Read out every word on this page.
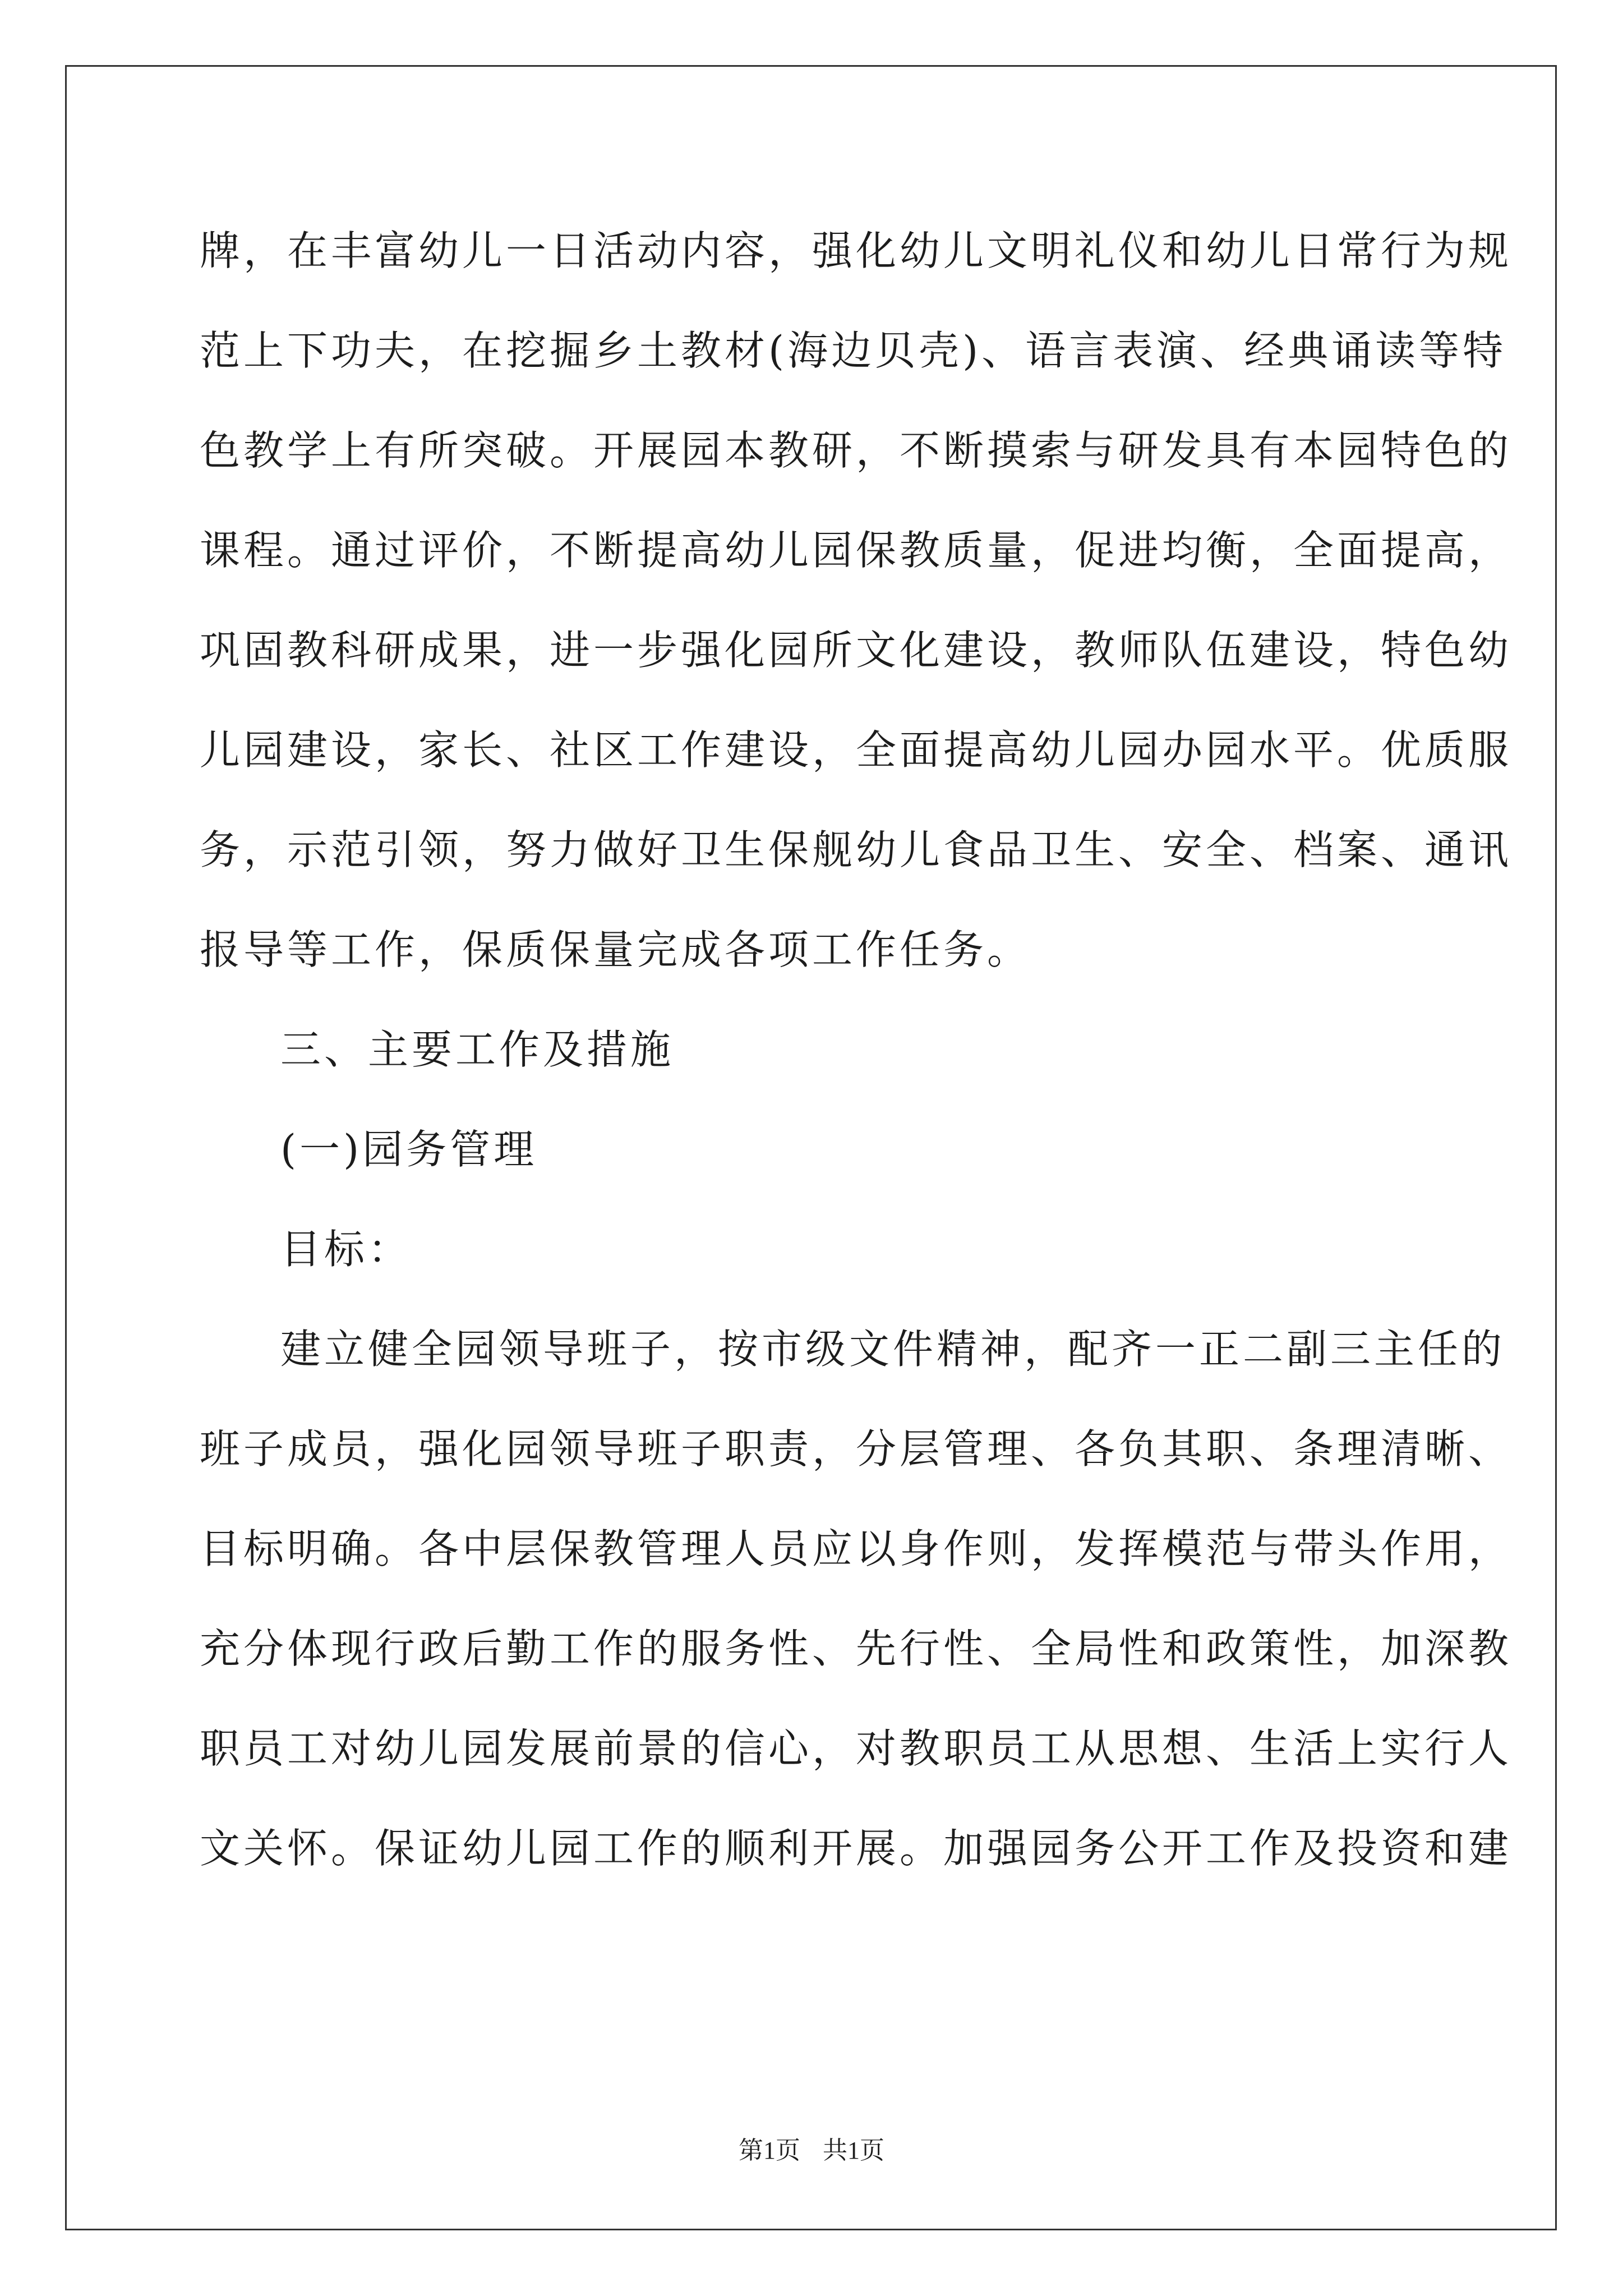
牌，在丰富幼儿一日活动内容，强化幼儿文明礼仪和幼儿日常行为规
范上下功夫，在挖掘乡土教材(海边贝壳)、语言表演、经典诵读等特
色教学上有所突破。开展园本教研，不断摸索与研发具有本园特色的
课程。通过评价，不断提高幼儿园保教质量，促进均衡，全面提高，
巩固教科研成果，进一步强化园所文化建设，教师队伍建设，特色幼
儿园建设，家长、社区工作建设，全面提高幼儿园办园水平。优质服
务，示范引领，努力做好卫生保舰幼儿食品卫生、安全、档案、通讯
报导等工作，保质保量完成各项工作任务。
三、主要工作及措施
(一)园务管理
目标：
建立健全园领导班子，按市级文件精神，配齐一正二副三主任的
班子成员，强化园领导班子职责，分层管理、各负其职、条理清晰、
目标明确。各中层保教管理人员应以身作则，发挥模范与带头作用，
充分体现行政后勤工作的服务性、先行性、全局性和政策性，加深教
职员工对幼儿园发展前景的信心，对教职员工从思想、生活上实行人
文关怀。保证幼儿园工作的顺利开展。加强园务公开工作及投资和建
第1页 共1页
